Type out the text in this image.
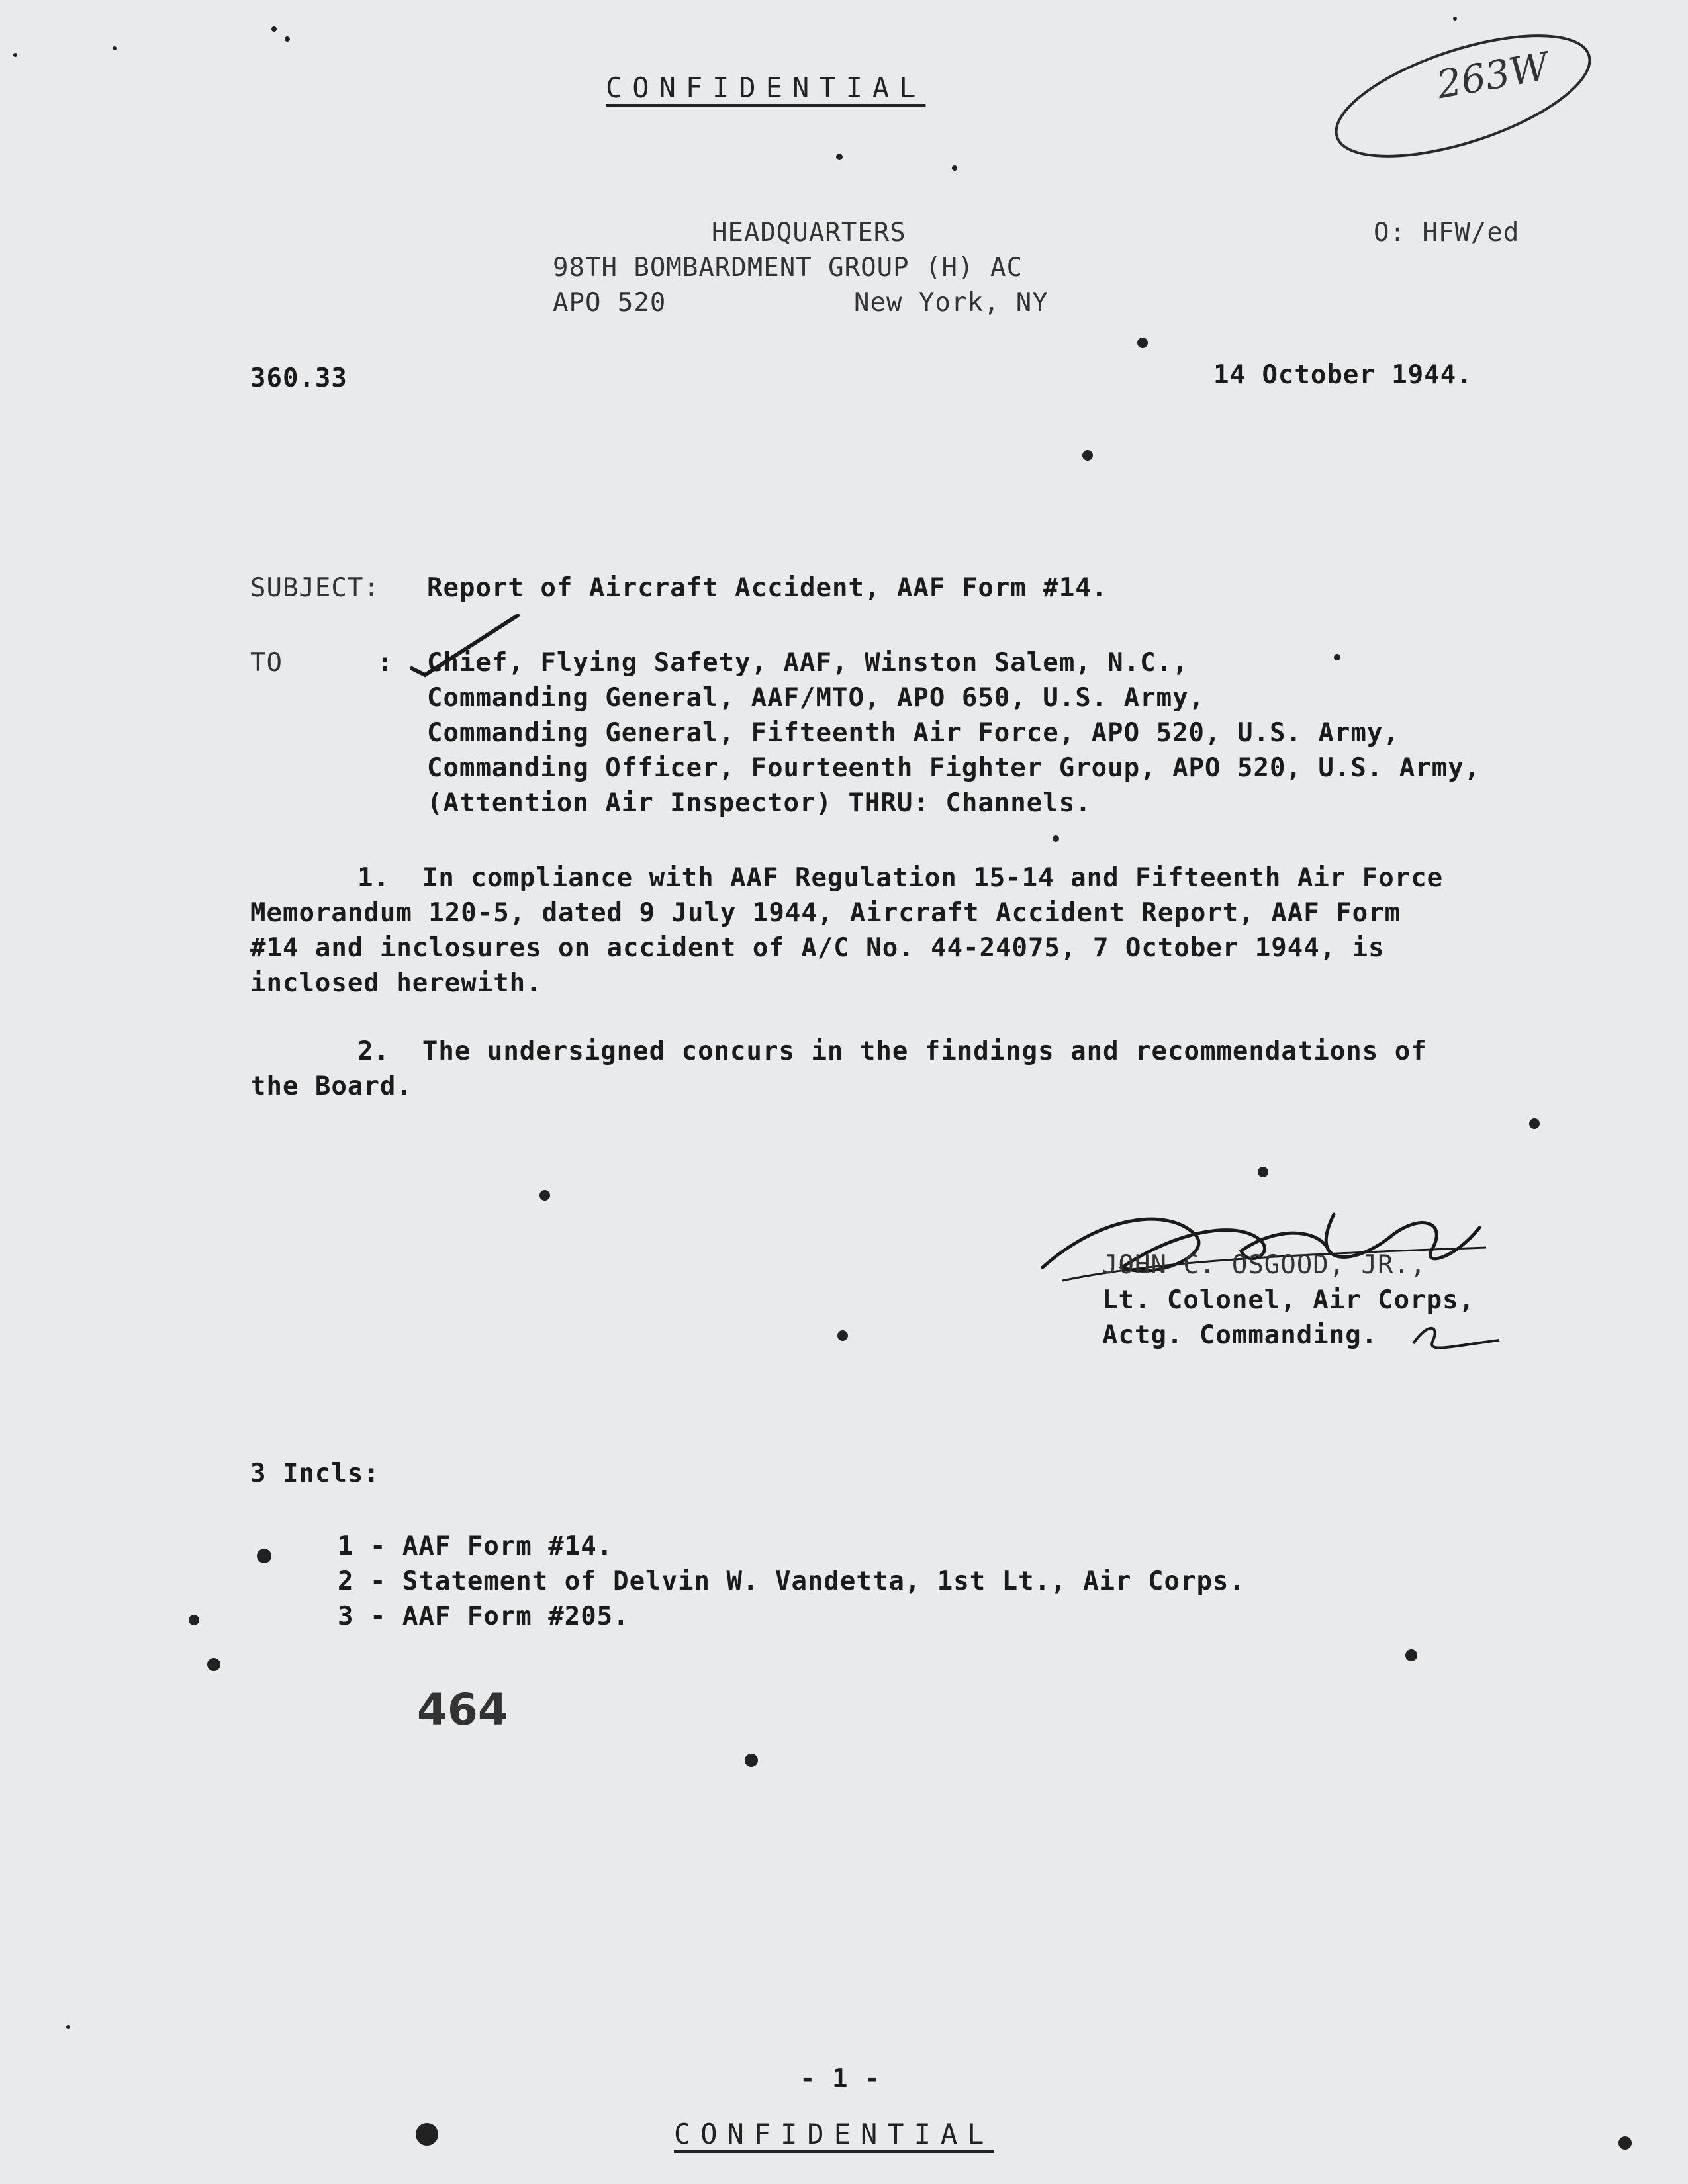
CONFIDENTIAL	263W
O: HFW/ed
HEADQUARTERS
98TH BOMBARDMENT GROUP (H) AC
APO 520	New York, NY
360.33	14 October 1944.
SUBJECT: Report of Aircraft Accident, AAF Form #14.
TO	: Chief, Flying Safety, AAF, Winston Salem, N.C.,
Commanding General, AAF/MTO, APO 650, U.S. Army,
Commanding General, Fifteenth Air Force, APO 520, U.S. Army,
Commanding Officer, Fourteenth Fighter Group, APO 520, U.S. Army,
(Attention Air Inspector) THRU: Channels.
1.  In compliance with AAF Regulation 15-14 and Fifteenth Air Force
Memorandum 120-5, dated 9 July 1944, Aircraft Accident Report, AAF Form
#14 and inclosures on accident of A/C No. 44-24075, 7 October 1944, is
inclosed herewith.
2.  The undersigned concurs in the findings and recommendations of
the Board.
JOHN C. OSGOOD, JR.,
Lt. Colonel, Air Corps,
Actg. Commanding.
3 Incls:
1 - AAF Form #14.
2 - Statement of Delvin W. Vandetta, 1st Lt., Air Corps.
3 - AAF Form #205.
464
- 1 -
CONFIDENTIAL
